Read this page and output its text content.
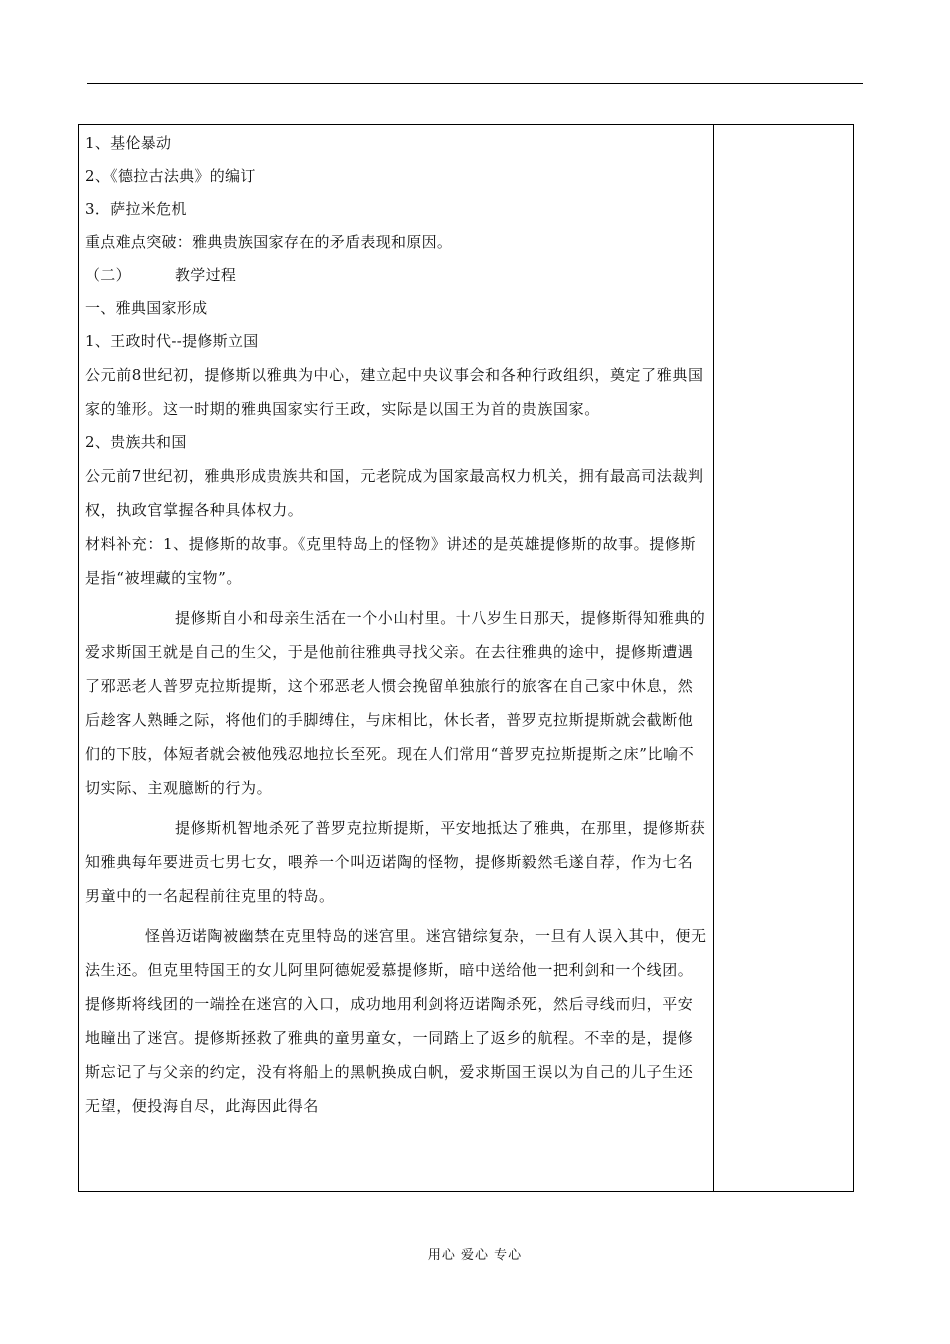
1、基伦暴动
2、《德拉古法典》的编订
3．萨拉米危机
重点难点突破：雅典贵族国家存在的矛盾表现和原因。
（二）	教学过程
一、雅典国家形成
1、王政时代--提修斯立国
公元前8世纪初，提修斯以雅典为中心，建立起中央议事会和各种行政组织，奠定了雅典国家的雏形。这一时期的雅典国家实行王政，实际是以国王为首的贵族国家。
2、贵族共和国
公元前7世纪初，雅典形成贵族共和国，元老院成为国家最高权力机关，拥有最高司法裁判权，执政官掌握各种具体权力。
材料补充：1、提修斯的故事。《克里特岛上的怪物》讲述的是英雄提修斯的故事。提修斯是指“被埋藏的宝物”。
提修斯自小和母亲生活在一个小山村里。十八岁生日那天，提修斯得知雅典的爱求斯国王就是自己的生父，于是他前往雅典寻找父亲。在去往雅典的途中，提修斯遭遇了邪恶老人普罗克拉斯提斯，这个邪恶老人惯会挽留单独旅行的旅客在自己家中休息，然后趁客人熟睡之际，将他们的手脚缚住，与床相比，休长者，普罗克拉斯提斯就会截断他们的下肢，体短者就会被他残忍地拉长至死。现在人们常用“普罗克拉斯提斯之床”比喻不切实际、主观臆断的行为。
提修斯机智地杀死了普罗克拉斯提斯，平安地抵达了雅典，在那里，提修斯获知雅典每年要进贡七男七女，喂养一个叫迈诺陶的怪物，提修斯毅然毛遂自荐，作为七名男童中的一名起程前往克里的特岛。
怪兽迈诺陶被幽禁在克里特岛的迷宫里。迷宫错综复杂，一旦有人误入其中，便无法生还。但克里特国王的女儿阿里阿德妮爱慕提修斯，暗中送给他一把利剑和一个线团。提修斯将线团的一端拴在迷宫的入口，成功地用利剑将迈诺陶杀死，然后寻线而归，平安地瞳出了迷宫。提修斯拯救了雅典的童男童女，一同踏上了返乡的航程。不幸的是，提修斯忘记了与父亲的约定，没有将船上的黑帆换成白帆，爱求斯国王误以为自己的儿子生还无望，便投海自尽，此海因此得名
用心 爱心 专心
